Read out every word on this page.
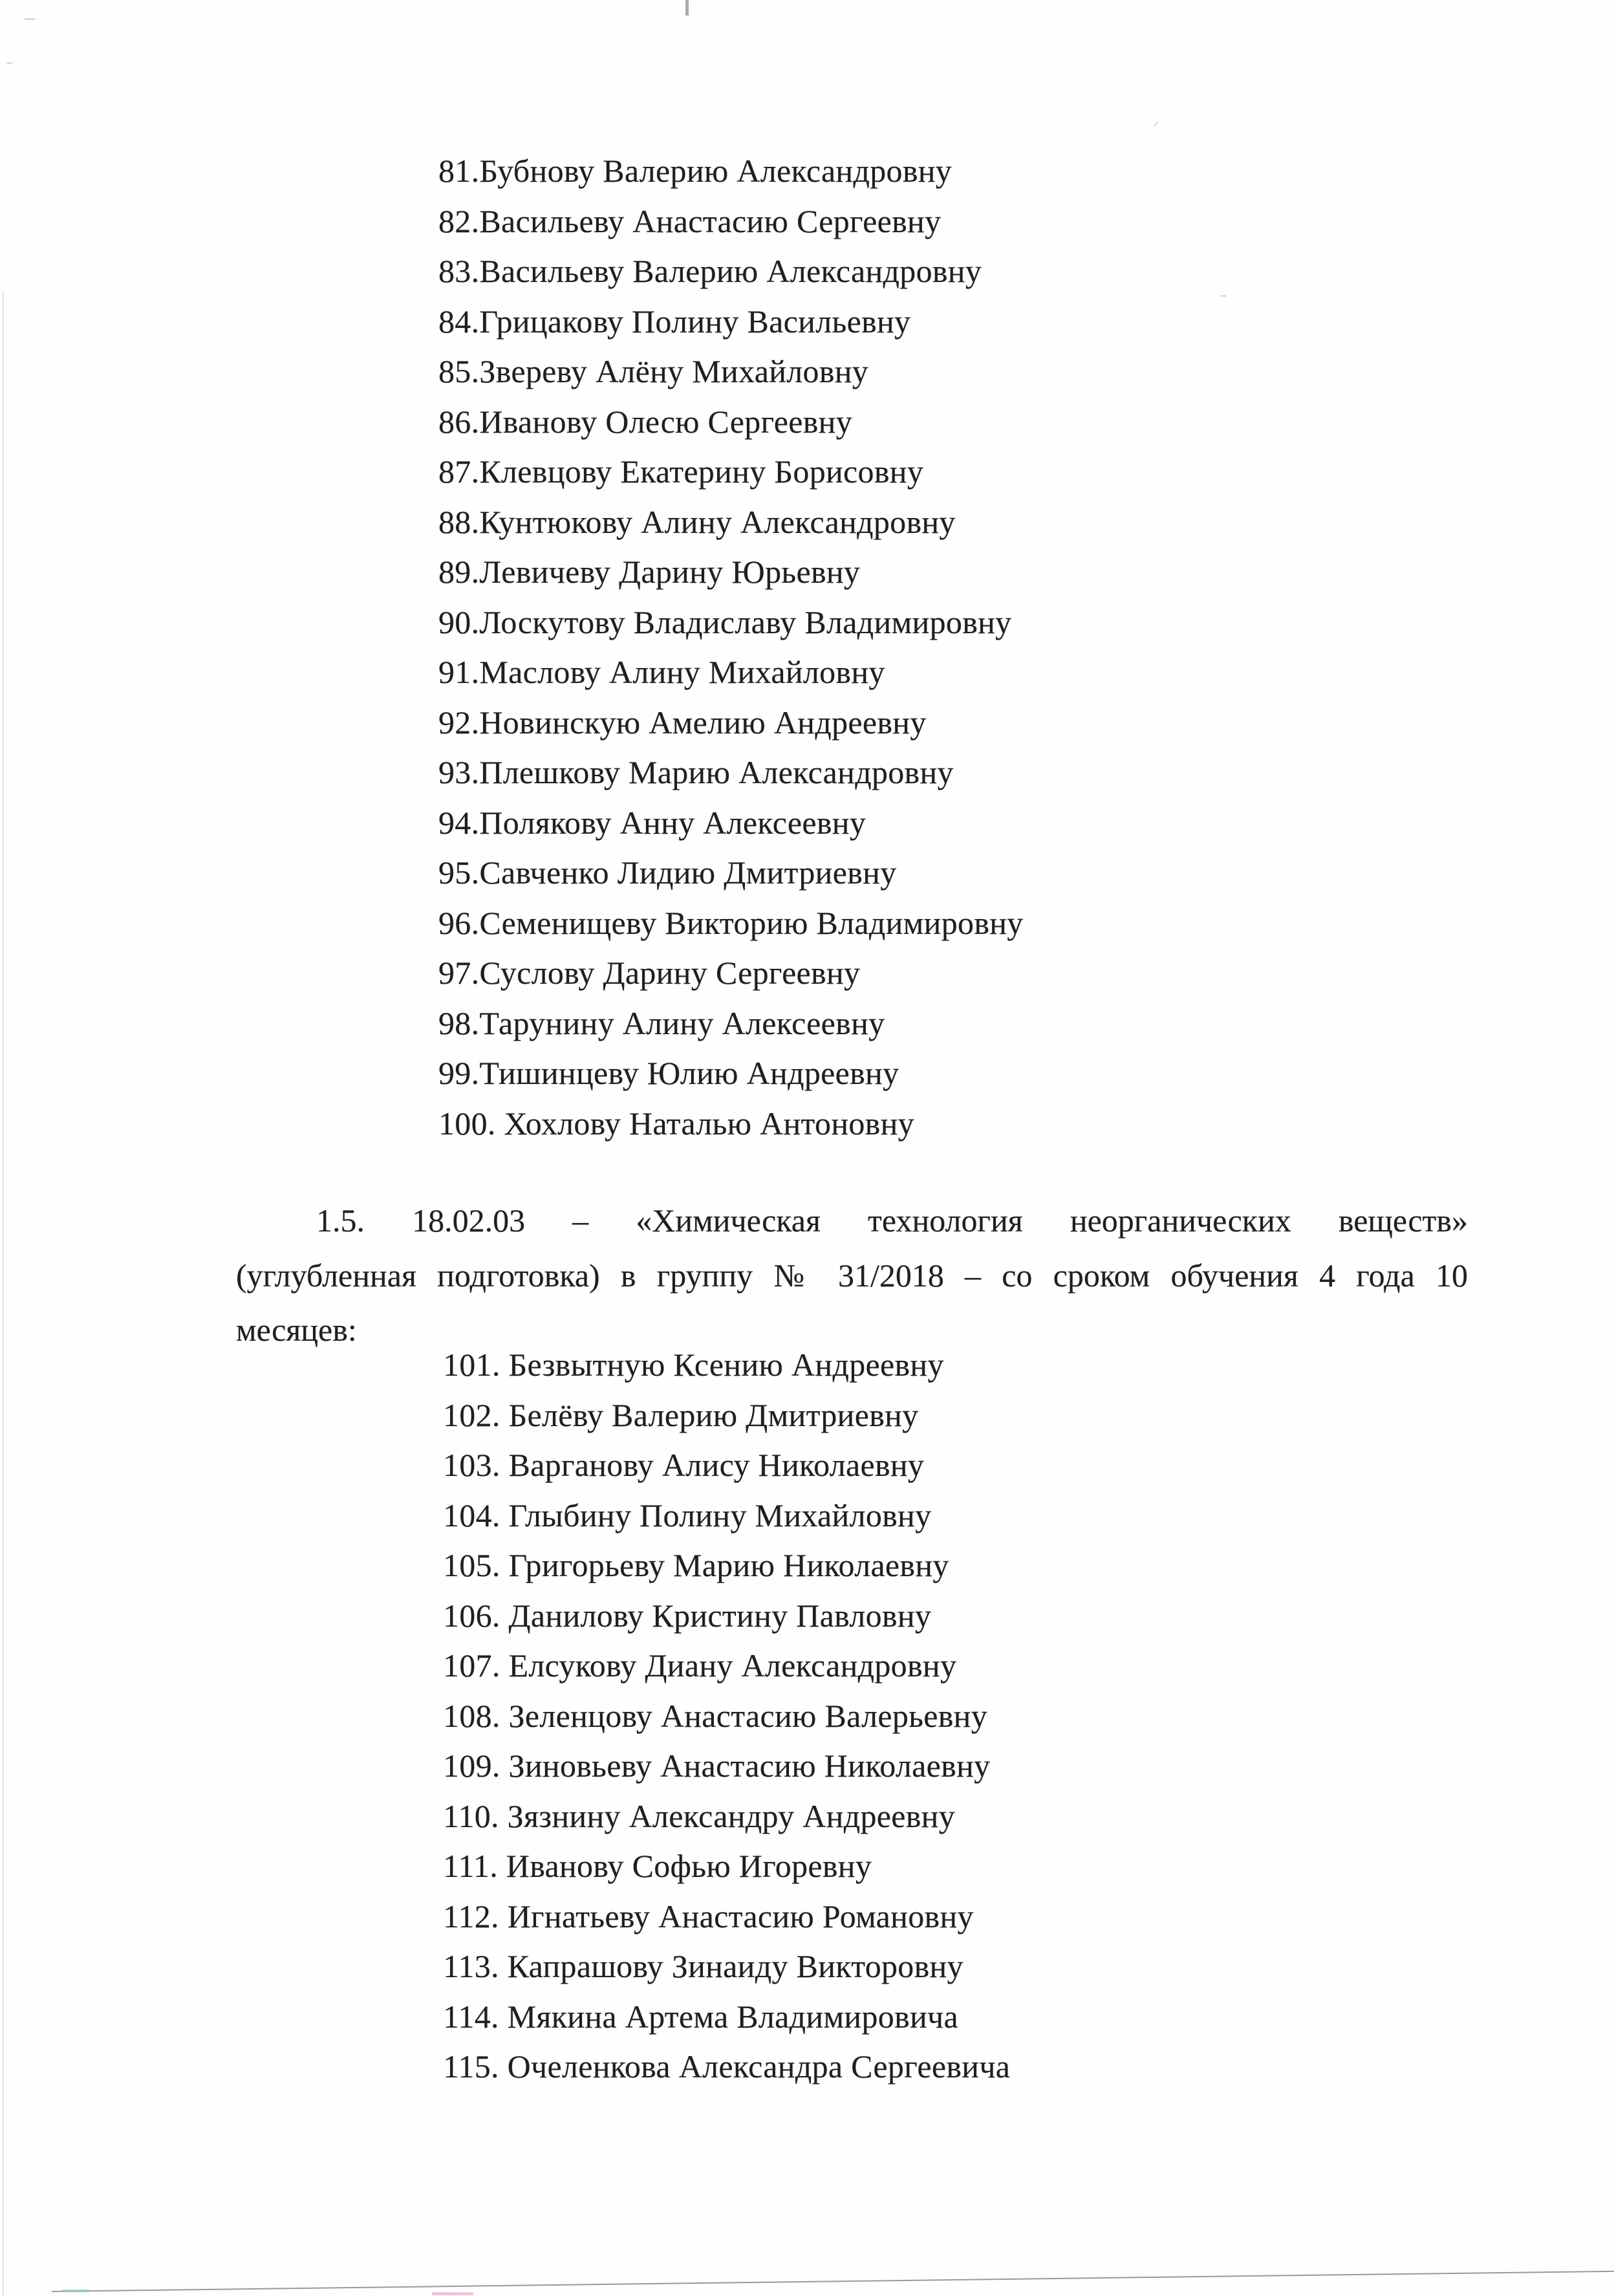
81.Бубнову Валерию Александровну
82.Васильеву Анастасию Сергеевну
83.Васильеву Валерию Александровну
84.Грицакову Полину Васильевну
85.Звереву Алёну Михайловну
86.Иванову Олесю Сергеевну
87.Клевцову Екатерину Борисовну
88.Кунтюкову Алину Александровну
89.Левичеву Дарину Юрьевну
90.Лоскутову Владиславу Владимировну
91.Маслову Алину Михайловну
92.Новинскую Амелию Андреевну
93.Плешкову Марию Александровну
94.Полякову Анну Алексеевну
95.Савченко Лидию Дмитриевну
96.Семенищеву Викторию Владимировну
97.Суслову Дарину Сергеевну
98.Тарунину Алину Алексеевну
99.Тишинцеву Юлию Андреевну
100. Хохлову Наталью Антоновну
1.5. 18.02.03 – «Химическая технология неорганических веществ»
(углубленная подготовка) в группу № 31/2018 – со сроком обучения 4 года 10
месяцев:
101. Безвытную Ксению Андреевну
102. Белёву Валерию Дмитриевну
103. Варганову Алису Николаевну
104. Глыбину Полину Михайловну
105. Григорьеву Марию Николаевну
106. Данилову Кристину Павловну
107. Елсукову Диану Александровну
108. Зеленцову Анастасию Валерьевну
109. Зиновьеву Анастасию Николаевну
110. Зязнину Александру Андреевну
111. Иванову Софью Игоревну
112. Игнатьеву Анастасию Романовну
113. Капрашову Зинаиду Викторовну
114. Мякина Артема Владимировича
115. Очеленкова Александра Сергеевича
